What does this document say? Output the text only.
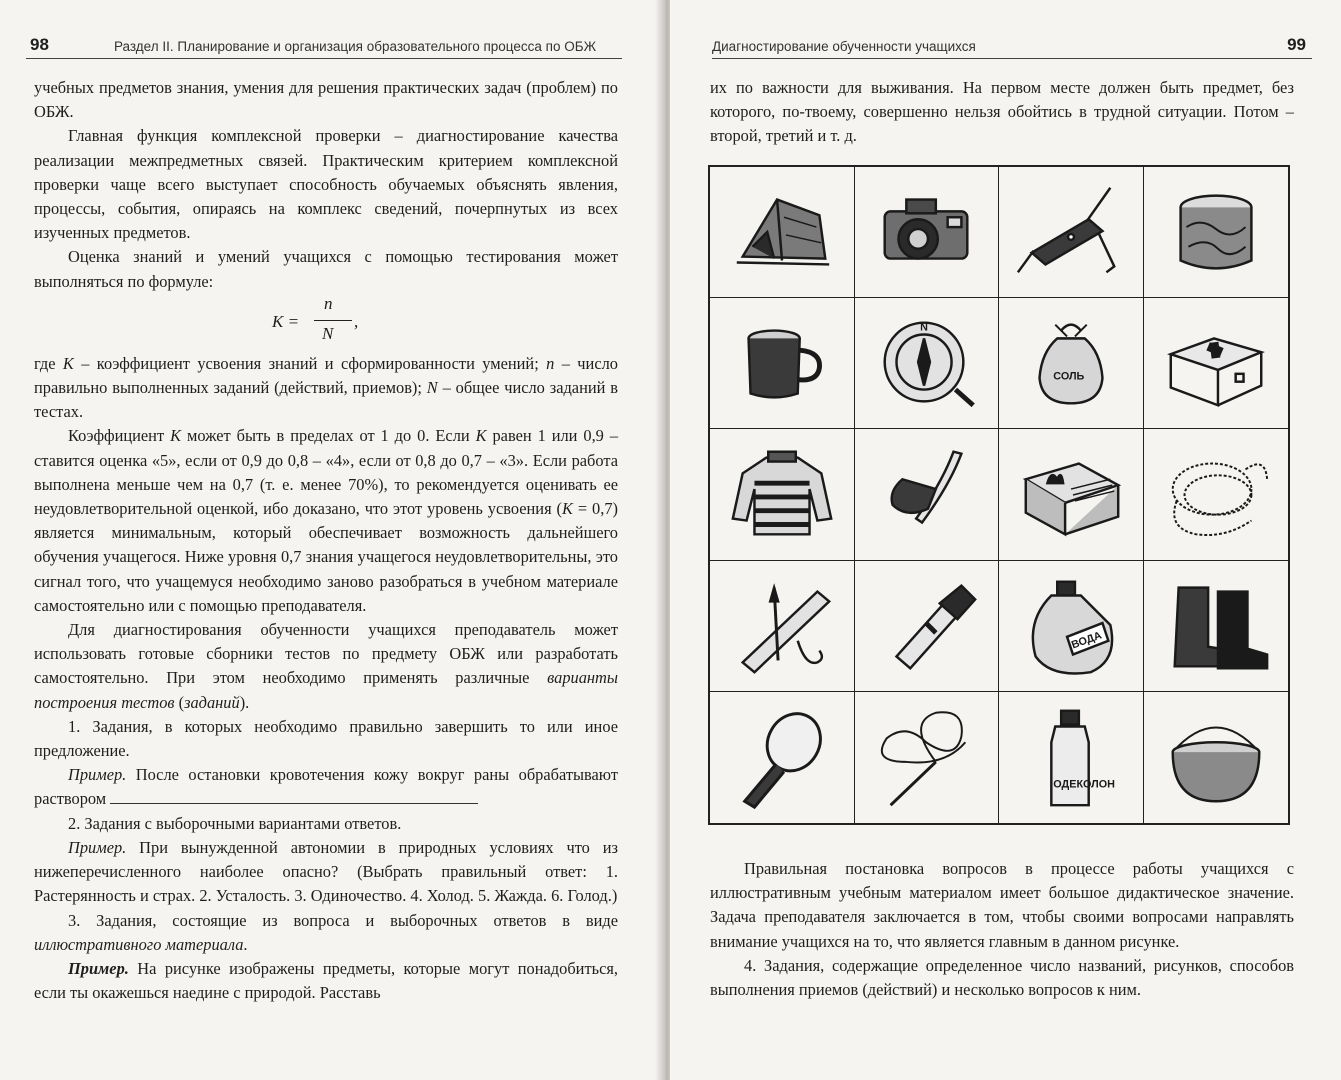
98	Раздел II. Планирование и организация образовательного процесса по ОБЖ

учебных предметов знания, умения для решения практических задач (проблем) по ОБЖ.

Главная функция комплексной проверки – диагностирование качества реализации межпредметных связей. Практическим критерием комплексной проверки чаще всего выступает способность обучаемых объяснять явления, процессы, события, опираясь на комплекс сведений, почерпнутых из всех изученных предметов.

Оценка знаний и умений учащихся с помощью тестирования может выполняться по формуле:

K =
n
N
,

где K – коэффициент усвоения знаний и сформированности умений; n – число правильно выполненных заданий (действий, приемов); N – общее число заданий в тестах.

Коэффициент K может быть в пределах от 1 до 0. Если K равен 1 или 0,9 – ставится оценка «5», если от 0,9 до 0,8 – «4», если от 0,8 до 0,7 – «3». Если работа выполнена меньше чем на 0,7 (т. е. менее 70%), то рекомендуется оценивать ее неудовлетворительной оценкой, ибо доказано, что этот уровень усвоения (K = 0,7) является минимальным, который обеспечивает возможность дальнейшего обучения учащегося. Ниже уровня 0,7 знания учащегося неудовлетворительны, это сигнал того, что учащемуся необходимо заново разобраться в учебном материале самостоятельно или с помощью преподавателя.

Для диагностирования обученности учащихся преподаватель может использовать готовые сборники тестов по предмету ОБЖ или разработать самостоятельно. При этом необходимо применять различные варианты построения тестов (заданий).

1. Задания, в которых необходимо правильно завершить то или иное предложение.

Пример. После остановки кровотечения кожу вокруг раны обрабатывают раствором

2. Задания с выборочными вариантами ответов.

Пример. При вынужденной автономии в природных условиях что из нижеперечисленного наиболее опасно? (Выбрать правильный ответ: 1. Растерянность и страх. 2. Усталость. 3. Одиночество. 4. Холод. 5. Жажда. 6. Голод.)

3. Задания, состоящие из вопроса и выборочных ответов в виде иллюстративного материала.

Пример. На рисунке изображены предметы, которые могут понадобиться, если ты окажешься наедине с природой. Расставь

Диагностирование обученности учащихся	99

их по важности для выживания. На первом месте должен быть предмет, без которого, по-твоему, совершенно нельзя обойтись в трудной ситуации. Потом – второй, третий и т. д.

Правильная постановка вопросов в процессе работы учащихся с иллюстративным учебным материалом имеет большое дидактическое значение. Задача преподавателя заключается в том, чтобы своими вопросами направлять внимание учащихся на то, что является главным в данном рисунке.

4. Задания, содержащие определенное число названий, рисунков, способов выполнения приемов (действий) и несколько вопросов к ним.

N
СОЛЬ
ВОДА
ОДЕКОЛОН
